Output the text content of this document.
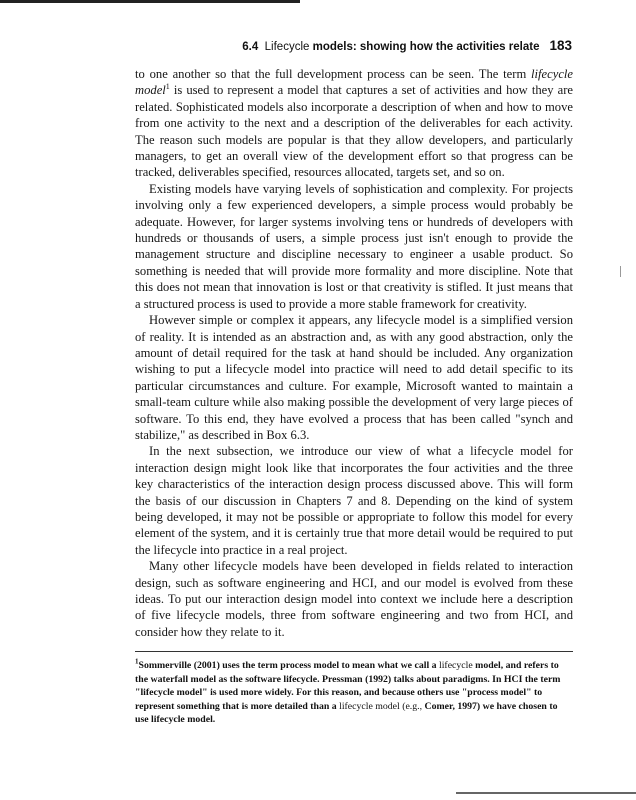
6.4 Lifecycle models: showing how the activities relate 183

to one another so that the full development process can be seen. The term lifecycle model$^1$ is used to represent a model that captures a set of activities and how they are related. Sophisticated models also incorporate a description of when and how to move from one activity to the next and a description of the deliverables for each activity. The reason such models are popular is that they allow developers, and particularly managers, to get an overall view of the development effort so that progress can be tracked, deliverables specified, resources allocated, targets set, and so on.

Existing models have varying levels of sophistication and complexity. For projects involving only a few experienced developers, a simple process would probably be adequate. However, for larger systems involving tens or hundreds of developers with hundreds or thousands of users, a simple process just isn't enough to provide the management structure and discipline necessary to engineer a usable product. So something is needed that will provide more formality and more discipline. Note that this does not mean that innovation is lost or that creativity is stifled. It just means that a structured process is used to provide a more stable framework for creativity.

However simple or complex it appears, any lifecycle model is a simplified version of reality. It is intended as an abstraction and, as with any good abstraction, only the amount of detail required for the task at hand should be included. Any organization wishing to put a lifecycle model into practice will need to add detail specific to its particular circumstances and culture. For example, Microsoft wanted to maintain a small-team culture while also making possible the development of very large pieces of software. To this end, they have evolved a process that has been called "synch and stabilize," as described in Box 6.3.

In the next subsection, we introduce our view of what a lifecycle model for interaction design might look like that incorporates the four activities and the three key characteristics of the interaction design process discussed above. This will form the basis of our discussion in Chapters 7 and 8. Depending on the kind of system being developed, it may not be possible or appropriate to follow this model for every element of the system, and it is certainly true that more detail would be required to put the lifecycle into practice in a real project.

Many other lifecycle models have been developed in fields related to interaction design, such as software engineering and HCI, and our model is evolved from these ideas. To put our interaction design model into context we include here a description of five lifecycle models, three from software engineering and two from HCI, and consider how they relate to it.

$^1$Sommerville (2001) uses the term process model to mean what we call a lifecycle model, and refers to the waterfall model as the software lifecycle. Pressman (1992) talks about paradigms. In HCI the term "lifecycle model" is used more widely. For this reason, and because others use "process model" to represent something that is more detailed than a lifecycle model (e.g., Comer, 1997) we have chosen to use lifecycle model.
